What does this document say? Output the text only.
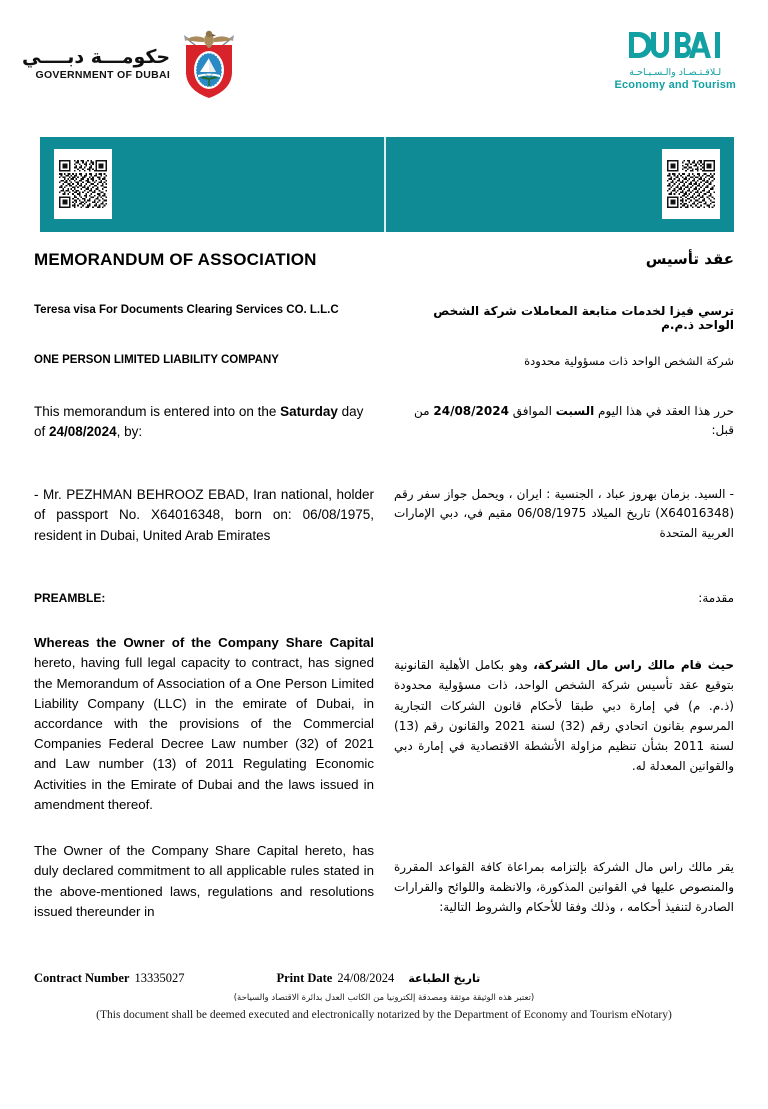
حكومـــة دبــــي
GOVERNMENT OF DUBAI	لـلاقـتـصـاد والـسـيـاحـة
Economy and Tourism
MEMORANDUM OF ASSOCIATION	عقد تأسيس
Teresa visa For Documents Clearing Services CO. L.L.C	ترسي فيزا لخدمات متابعة المعاملات شركة الشخص الواحد ذ.م.م
ONE PERSON LIMITED LIABILITY COMPANY	شركة الشخص الواحد ذات مسؤولية محدودة
This memorandum is entered into on the Saturday day of 24/08/2024, by:
حرر هذا العقد في هذا اليوم السبت الموافق 24/08/2024 من قبل:
- Mr. PEZHMAN BEHROOZ EBAD, Iran national, holder of passport No. X64016348, born on: 06/08/1975, resident in Dubai, United Arab Emirates
- السيد. بزمان بهروز عباد ، الجنسية : ايران ، ويحمل جواز سفر رقم (X64016348) تاريخ الميلاد 06/08/1975 مقيم في، دبي الإمارات العربية المتحدة
PREAMBLE:	مقدمة:
Whereas the Owner of the Company Share Capital hereto, having full legal capacity to contract, has signed the Memorandum of Association of a One Person Limited Liability Company (LLC) in the emirate of Dubai, in accordance with the provisions of the Commercial Companies Federal Decree Law number (32) of 2021 and Law number (13) of 2011 Regulating Economic Activities in the Emirate of Dubai and the laws issued in amendment thereof.
حيث قام مالك راس مال الشركة، وهو بكامل الأهلية القانونية بتوقيع عقد تأسيس شركة الشخص الواحد، ذات مسؤولية محدودة (ذ.م. م) في إمارة دبي طبقا لأحكام قانون الشركات التجارية المرسوم بقانون اتحادي رقم (32) لسنة 2021 والقانون رقم (13) لسنة 2011 بشأن تنظيم مزاولة الأنشطة الاقتصادية في إمارة دبي والقوانين المعدلة له.
The Owner of the Company Share Capital hereto, has duly declared commitment to all applicable rules stated in the above-mentioned laws, regulations and resolutions issued thereunder in
يقر مالك راس مال الشركة بإلتزامه بمراعاة كافة القواعد المقررة والمنصوص عليها في القوانين المذكورة، والانظمة واللوائح والقرارات الصادرة لتنفيذ أحكامه ، وذلك وفقا للأحكام والشروط التالية:
Contract Number 13335027	Print Date 24/08/2024 تاريخ الطباعة
(تعتبر هذه الوثيقة موثقة ومصدقة إلكترونيا من الكاتب العدل بدائرة الاقتصاد والسياحة)
(This document shall be deemed executed and electronically notarized by the Department of Economy and Tourism eNotary)
